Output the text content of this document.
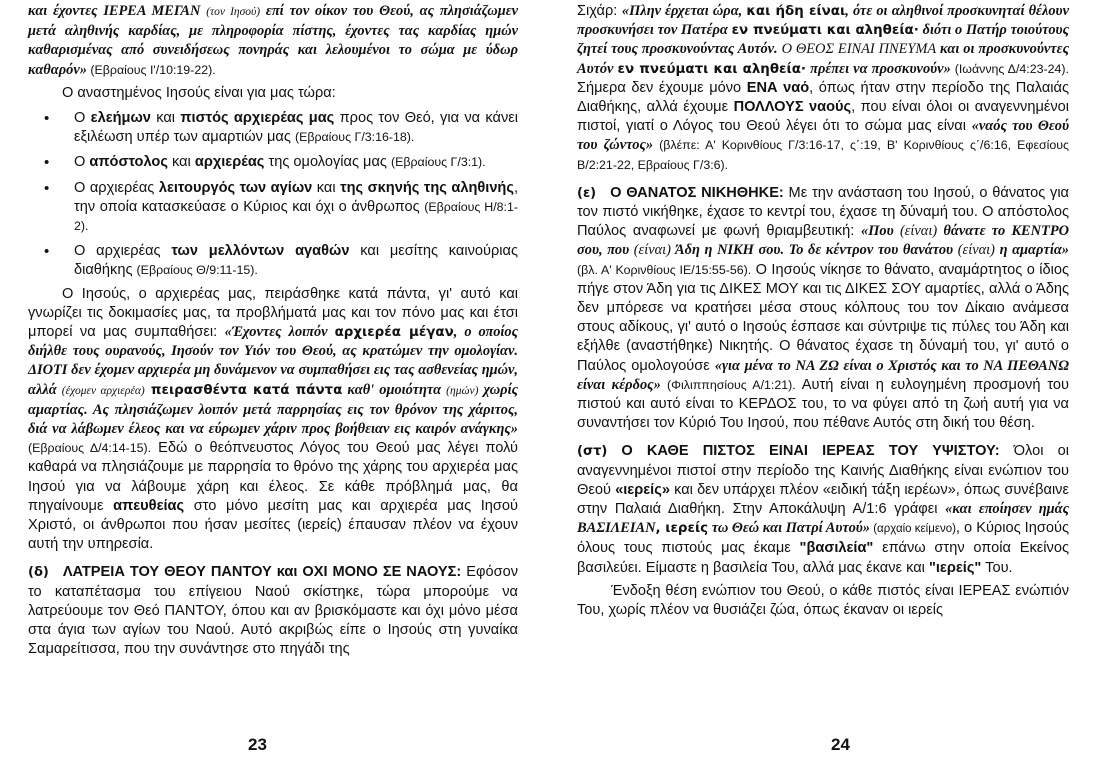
και έχοντες ΙΕΡΕΑ ΜΕΓΑΝ (τον Ιησού) επί τον οίκον του Θεού, ας πλησιάζωμεν μετά αληθινής καρδίας, με πληροφορία πίστης, έχοντες τας καρδίας ημών καθαρισμένας από συνειδήσεως πονηράς και λελουμένοι το σώμα με ύδωρ καθαρόν» (Εβραίους Ι'/10:19-22).

Ο αναστημένος Ιησούς είναι για μας τώρα:

• Ο ελεήμων και πιστός αρχιερέας μας προς τον Θεό, για να κάνει εξιλέωση υπέρ των αμαρτιών μας (Εβραίους Γ/3:16-18).
• Ο απόστολος και αρχιερέας της ομολογίας μας (Εβραίους Γ/3:1).
• Ο αρχιερέας λειτουργός των αγίων και της σκηνής της αληθινής, την οποία κατασκεύασε ο Κύριος και όχι ο άνθρωπος (Εβραίους Η/8:1-2).
• Ο αρχιερέας των μελλόντων αγαθών και μεσίτης καινούριας διαθήκης (Εβραίους Θ/9:11-15).

Ο Ιησούς, ο αρχιερέας μας, πειράσθηκε κατά πάντα, γι' αυτό και γνωρίζει τις δοκιμασίες μας, τα προβλήματά μας και τον πόνο μας και έτσι μπορεί να μας συμπαθήσει: «Έχοντες λοιπόν αρχιερέα μέγαν, ο οποίος διήλθε τους ουρανούς, Ιησούν τον Υιόν του Θεού, ας κρατώμεν την ομολογίαν. ΔΙΟΤΙ δεν έχομεν αρχιερέα μη δυνάμενον να συμπαθήσει εις τας ασθενείας ημών, αλλά (έχομεν αρχιερέα) πειρασθέντα κατά πάντα καθ' ομοιότητα (ημών) χωρίς αμαρτίας. Ας πλησιάζωμεν λοιπόν μετά παρρησίας εις τον θρόνον της χάριτος, διά να λάβωμεν έλεος και να εύρωμεν χάριν προς βοήθειαν εις καιρόν ανάγκης» (Εβραίους Δ/4:14-15). Εδώ ο θεόπνευστος Λόγος του Θεού μας λέγει πολύ καθαρά να πλησιάζουμε με παρρησία το θρόνο της χάρης του αρχιερέα μας Ιησού για να λάβουμε χάρη και έλεος. Σε κάθε πρόβλημά μας, θα πηγαίνουμε απευθείας στο μόνο μεσίτη μας και αρχιερέα μας Ιησού Χριστό, οι άνθρωποι που ήσαν μεσίτες (ιερείς) έπαυσαν πλέον να έχουν αυτή την υπηρεσία.

(δ) ΛΑΤΡΕΙΑ ΤΟΥ ΘΕΟΥ ΠΑΝΤΟΥ και ΟΧΙ ΜΟΝΟ ΣΕ ΝΑΟΥΣ: Εφόσον το καταπέτασμα του επίγειου Ναού σκίστηκε, τώρα μπορούμε να λατρεύουμε τον Θεό ΠΑΝΤΟΥ, όπου και αν βρισκόμαστε και όχι μόνο μέσα στα άγια των αγίων του Ναού. Αυτό ακριβώς είπε ο Ιησούς στη γυναίκα Σαμαρείτισσα, που την συνάντησε στο πηγάδι της

23

Σιχάρ: «Πλην έρχεται ώρα, και ήδη είναι, ότε οι αληθινοί προσκυνηταί θέλουν προσκυνήσει τον Πατέρα εν πνεύματι και αληθεία· διότι ο Πατήρ τοιούτους ζητεί τους προσκυνούντας Αυτόν. Ο ΘΕΟΣ ΕΙΝΑΙ ΠΝΕΥΜΑ και οι προσκυνούντες Αυτόν εν πνεύματι και αληθεία· πρέπει να προσκυνούν» (Ιωάννης Δ/4:23-24). Σήμερα δεν έχουμε μόνο ΕΝΑ ναό, όπως ήταν στην περίοδο της Παλαιάς Διαθήκης, αλλά έχουμε ΠΟΛΛΟΥΣ ναούς, που είναι όλοι οι αναγεννημένοι πιστοί, γιατί ο Λόγος του Θεού λέγει ότι το σώμα μας είναι «ναός του Θεού του ζώντος» (βλέπε: Α' Κορινθίους Γ/3:16-17, ς΄:19, Β' Κορινθίους ς΄/6:16, Εφεσίους Β/2:21-22, Εβραίους Γ/3:6).

(ε) Ο ΘΑΝΑΤΟΣ ΝΙΚΗΘΗΚΕ: Με την ανάσταση του Ιησού, ο θάνατος για τον πιστό νικήθηκε, έχασε το κεντρί του, έχασε τη δύναμή του. Ο απόστολος Παύλος αναφωνεί με φωνή θριαμβευτική: «Που (είναι) θάνατε το ΚΕΝΤΡΟ σου, που (είναι) Άδη η ΝΙΚΗ σου. Το δε κέντρον του θανάτου (είναι) η αμαρτία» (βλ. Α' Κορινθίους ΙΕ/15:55-56). Ο Ιησούς νίκησε το θάνατο, αναμάρτητος ο ίδιος πήγε στον Άδη για τις ΔΙΚΕΣ ΜΟΥ και τις ΔΙΚΕΣ ΣΟΥ αμαρτίες, αλλά ο Άδης δεν μπόρεσε να κρατήσει μέσα στους κόλπους του τον Δίκαιο ανάμεσα στους αδίκους, γι' αυτό ο Ιησούς έσπασε και σύντριψε τις πύλες του Άδη και εξήλθε (αναστήθηκε) Νικητής. Ο θάνατος έχασε τη δύναμή του, γι' αυτό ο Παύλος ομολογούσε «για μένα το ΝΑ ΖΩ είναι ο Χριστός και το ΝΑ ΠΕΘΑΝΩ είναι κέρδος» (Φιλιππησίους Α/1:21). Αυτή είναι η ευλογημένη προσμονή του πιστού και αυτό είναι το ΚΕΡΔΟΣ του, το να φύγει από τη ζωή αυτή για να συναντήσει τον Κύριό Του Ιησού, που πέθανε Αυτός στη δική του θέση.

(στ) Ο ΚΑΘΕ ΠΙΣΤΟΣ ΕΙΝΑΙ ΙΕΡΕΑΣ ΤΟΥ ΥΨΙΣΤΟΥ: Όλοι οι αναγεννημένοι πιστοί στην περίοδο της Καινής Διαθήκης είναι ενώπιον του Θεού «ιερείς» και δεν υπάρχει πλέον «ειδική τάξη ιερέων», όπως συνέβαινε στην Παλαιά Διαθήκη. Στην Αποκάλυψη Α/1:6 γράφει «και εποίησεν ημάς ΒΑΣΙΛΕΙΑΝ, ιερείς τω Θεώ και Πατρί Αυτού» (αρχαίο κείμενο), ο Κύριος Ιησούς όλους τους πιστούς μας έκαμε "βασιλεία" επάνω στην οποία Εκείνος βασιλεύει. Είμαστε η βασιλεία Του, αλλά μας έκανε και "ιερείς" Του.

Ένδοξη θέση ενώπιον του Θεού, ο κάθε πιστός είναι ΙΕΡΕΑΣ ενώπιόν Του, χωρίς πλέον να θυσιάζει ζώα, όπως έκαναν οι ιερείς

24
